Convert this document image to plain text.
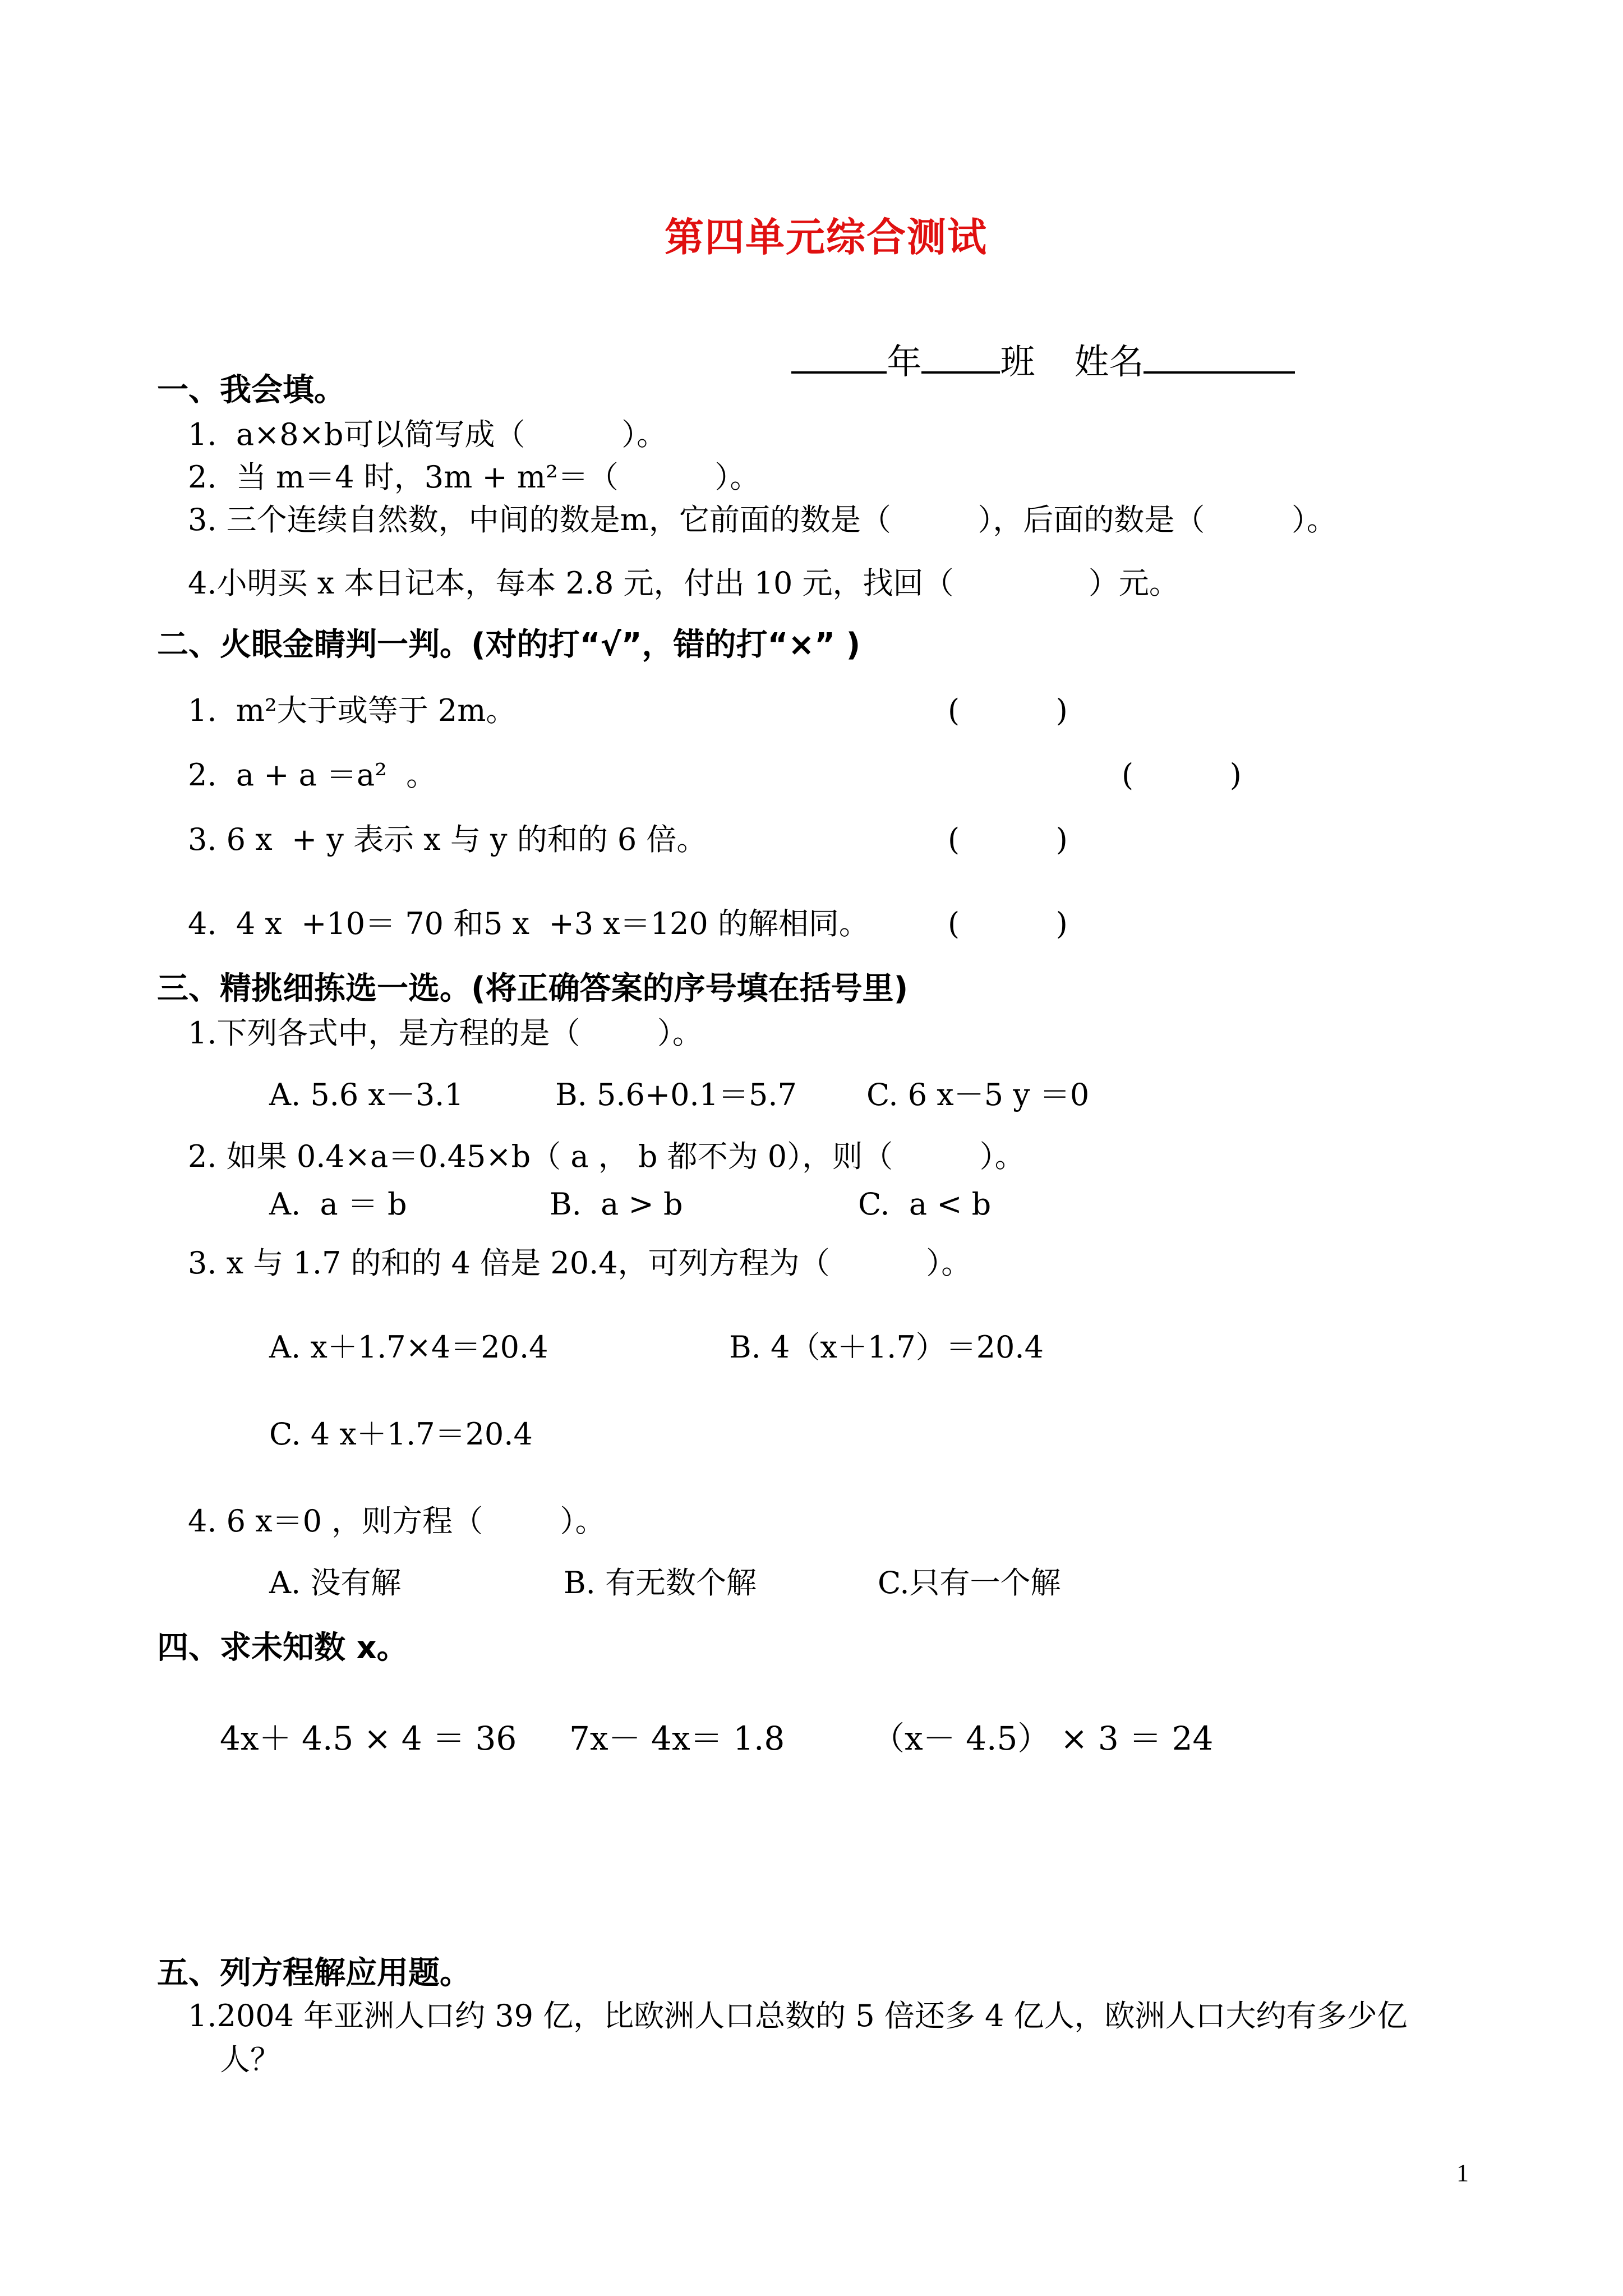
第四单元综合测试

年 班 姓名

一、我会填。
1.  a×8×b可以简写成（          ）。
2.  当 m＝4 时，3m + m²＝（          ）。
3. 三个连续自然数，中间的数是m，它前面的数是（         ），后面的数是（         ）。
4.小明买 x 本日记本，每本 2.8 元，付出 10 元，找回（              ）元。
二、火眼金睛判一判。(对的打“√”，错的打“×” )
1.  m²大于或等于 2m。	(          )
2.  a + a ＝a²  。	(          )
3. 6 x  + y 表示 x 与 y 的和的 6 倍。	(          )
4.  4 x  +10＝ 70 和5 x  +3 x＝120 的解相同。	(          )
三、精挑细拣选一选。(将正确答案的序号填在括号里)
1.下列各式中，是方程的是（        ）。
A. 5.6 x－3.1	B. 5.6+0.1＝5.7 C. 6 x－5 y ＝0
2. 如果 0.4×a＝0.45×b（ a ， b 都不为 0），则（         ）。
A.  a ＝ b	B.  a > b	C.  a < b
3. x 与 1.7 的和的 4 倍是 20.4，可列方程为（          ）。
A. x＋1.7×4＝20.4	B. 4（x＋1.7）＝20.4
C. 4 x＋1.7＝20.4
4. 6 x＝0 ，则方程（        ）。
A. 没有解	B. 有无数个解	C.只有一个解
四、求未知数 x。
4x＋ 4.5 × 4 ＝ 36 7x－ 4x＝ 1.8	（x－ 4.5） × 3 ＝ 24
五、列方程解应用题。
1.2004 年亚洲人口约 39 亿，比欧洲人口总数的 5 倍还多 4 亿人，欧洲人口大约有多少亿
人？
1
